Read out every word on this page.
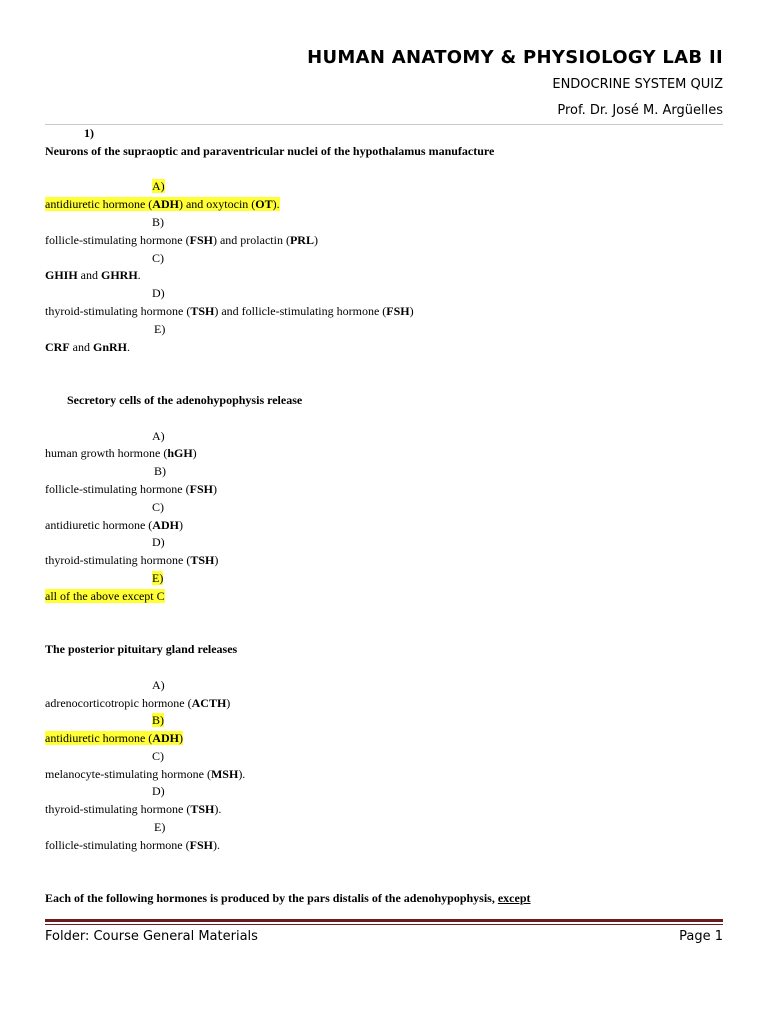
HUMAN ANATOMY & PHYSIOLOGY LAB II
ENDOCRINE SYSTEM QUIZ
Prof. Dr. José M. Argüelles
1)
Neurons of the supraoptic and paraventricular nuclei of the hypothalamus manufacture
A)
antidiuretic hormone (ADH) and oxytocin (OT).
B)
follicle-stimulating hormone (FSH) and prolactin (PRL)
C)
GHIH and GHRH.
D)
thyroid-stimulating hormone (TSH) and follicle-stimulating hormone (FSH)
E)
CRF and GnRH.
Secretory cells of the adenohypophysis release
A)
human growth hormone (hGH)
B)
follicle-stimulating hormone (FSH)
C)
antidiuretic hormone (ADH)
D)
thyroid-stimulating hormone (TSH)
E)
all of the above except C
The posterior pituitary gland releases
A)
adrenocorticotropic hormone (ACTH)
B)
antidiuretic hormone (ADH)
C)
melanocyte-stimulating hormone (MSH).
D)
thyroid-stimulating hormone (TSH).
E)
follicle-stimulating hormone (FSH).
Each of the following hormones is produced by the pars distalis of the adenohypophysis, except
Folder: Course General Materials	Page 1
